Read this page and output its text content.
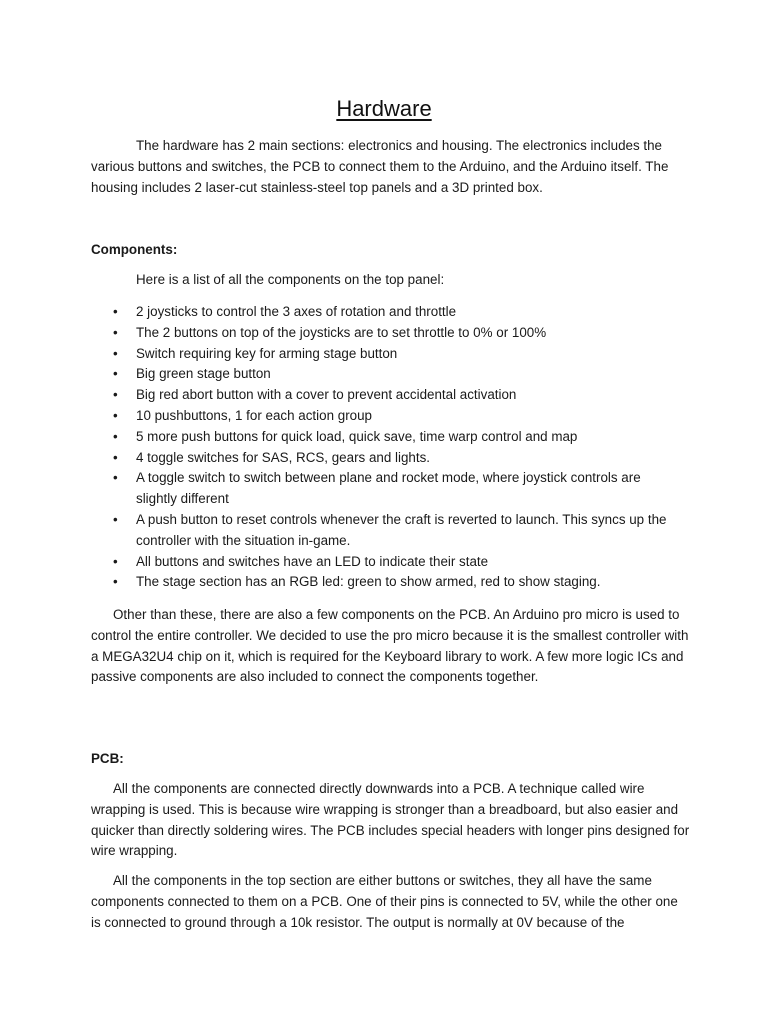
Hardware

The hardware has 2 main sections: electronics and housing. The electronics includes the various buttons and switches, the PCB to connect them to the Arduino, and the Arduino itself. The housing includes 2 laser-cut stainless-steel top panels and a 3D printed box.

Components:

Here is a list of all the components on the top panel:

• 2 joysticks to control the 3 axes of rotation and throttle
• The 2 buttons on top of the joysticks are to set throttle to 0% or 100%
• Switch requiring key for arming stage button
• Big green stage button
• Big red abort button with a cover to prevent accidental activation
• 10 pushbuttons, 1 for each action group
• 5 more push buttons for quick load, quick save, time warp control and map
• 4 toggle switches for SAS, RCS, gears and lights.
• A toggle switch to switch between plane and rocket mode, where joystick controls are slightly different
• A push button to reset controls whenever the craft is reverted to launch. This syncs up the controller with the situation in-game.
• All buttons and switches have an LED to indicate their state
• The stage section has an RGB led: green to show armed, red to show staging.

Other than these, there are also a few components on the PCB. An Arduino pro micro is used to control the entire controller. We decided to use the pro micro because it is the smallest controller with a MEGA32U4 chip on it, which is required for the Keyboard library to work. A few more logic ICs and passive components are also included to connect the components together.

PCB:

All the components are connected directly downwards into a PCB. A technique called wire wrapping is used. This is because wire wrapping is stronger than a breadboard, but also easier and quicker than directly soldering wires. The PCB includes special headers with longer pins designed for wire wrapping.

All the components in the top section are either buttons or switches, they all have the same components connected to them on a PCB. One of their pins is connected to 5V, while the other one is connected to ground through a 10k resistor. The output is normally at 0V because of the
